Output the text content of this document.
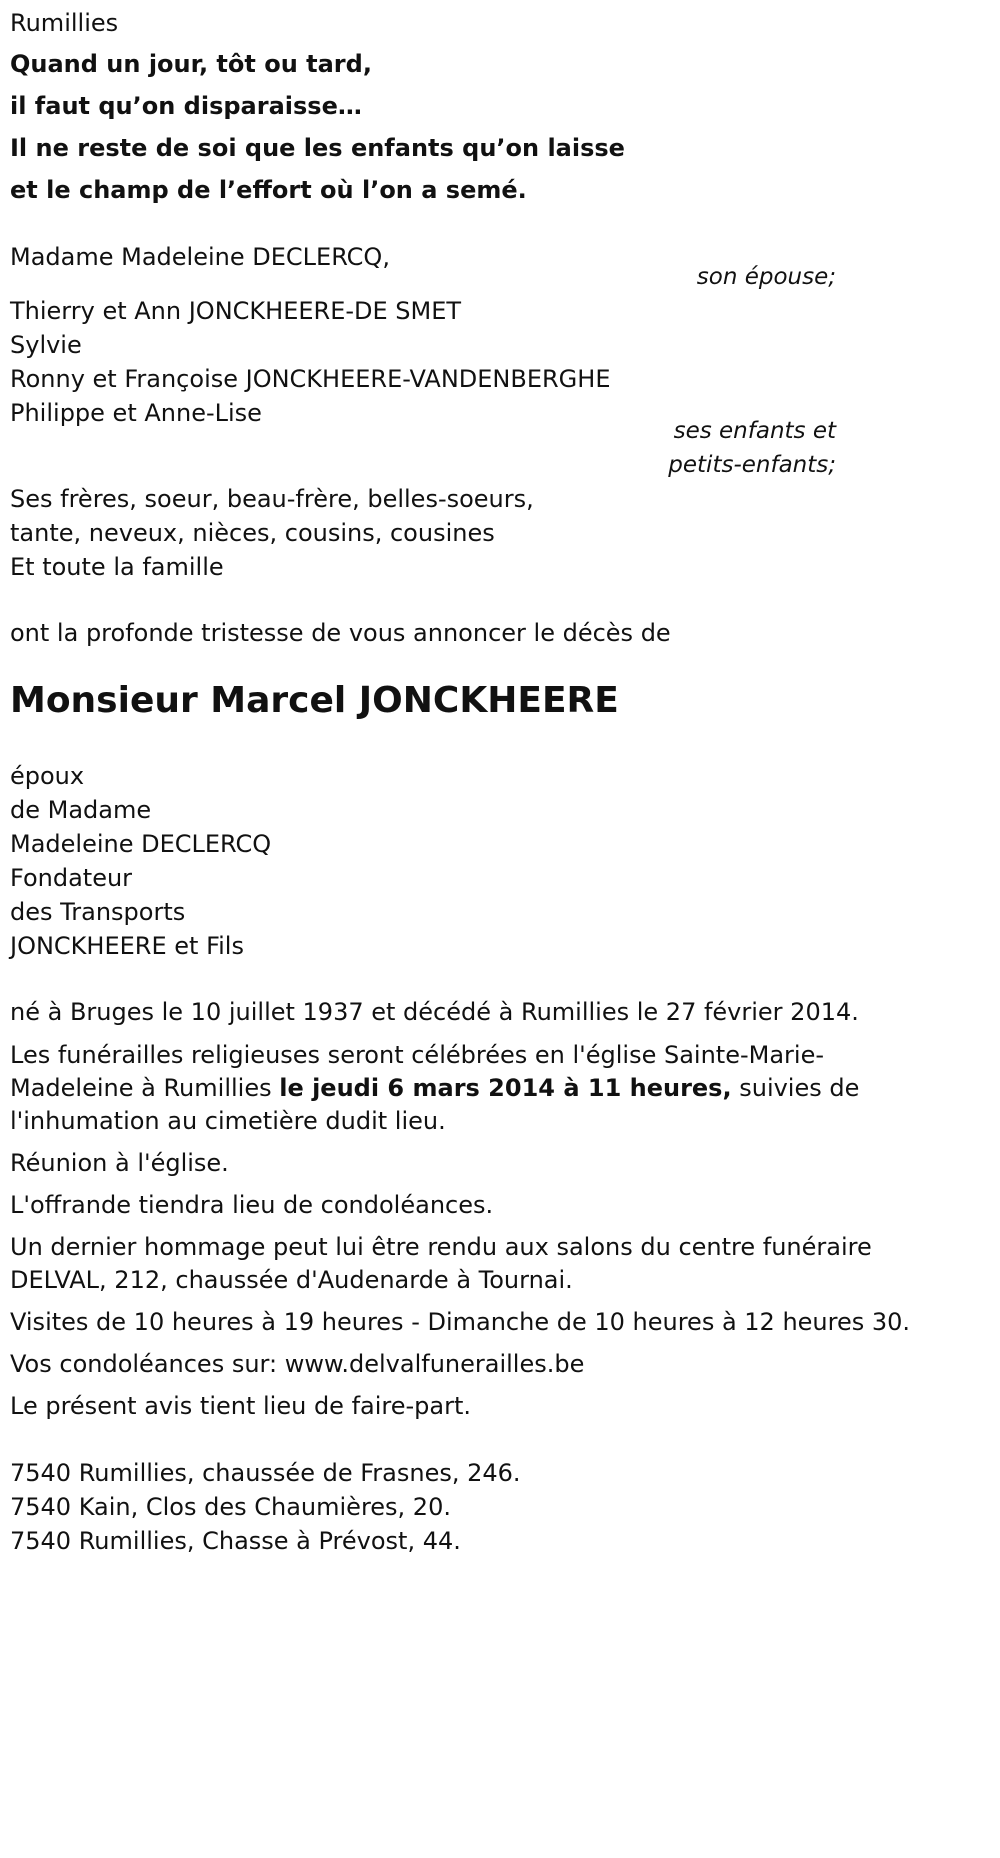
Rumillies

Quand un jour, tôt ou tard,

il faut qu’on disparaisse…

Il ne reste de soi que les enfants qu’on laisse

et le champ de l’effort où l’on a semé.

Madame Madeleine DECLERCQ,

son épouse;

Thierry et Ann JONCKHEERE-DE SMET

Sylvie

Ronny et Françoise JONCKHEERE-VANDENBERGHE

Philippe et Anne-Lise

ses enfants et

petits-enfants;

Ses frères, soeur, beau-frère, belles-soeurs,

tante, neveux, nièces, cousins, cousines

Et toute la famille

ont la profonde tristesse de vous annoncer le décès de

Monsieur Marcel JONCKHEERE

époux

de Madame

Madeleine DECLERCQ

Fondateur

des Transports

JONCKHEERE et Fils

né à Bruges le 10 juillet 1937 et décédé à Rumillies le 27 février 2014.

Les funérailles religieuses seront célébrées en l'église Sainte-Marie-

Madeleine à Rumillies le jeudi 6 mars 2014 à 11 heures, suivies de

l'inhumation au cimetière dudit lieu.

Réunion à l'église.

L'offrande tiendra lieu de condoléances.

Un dernier hommage peut lui être rendu aux salons du centre funéraire

DELVAL, 212, chaussée d'Audenarde à Tournai.

Visites de 10 heures à 19 heures - Dimanche de 10 heures à 12 heures 30.

Vos condoléances sur: www.delvalfunerailles.be

Le présent avis tient lieu de faire-part.

7540 Rumillies, chaussée de Frasnes, 246.

7540 Kain, Clos des Chaumières, 20.

7540 Rumillies, Chasse à Prévost, 44.
